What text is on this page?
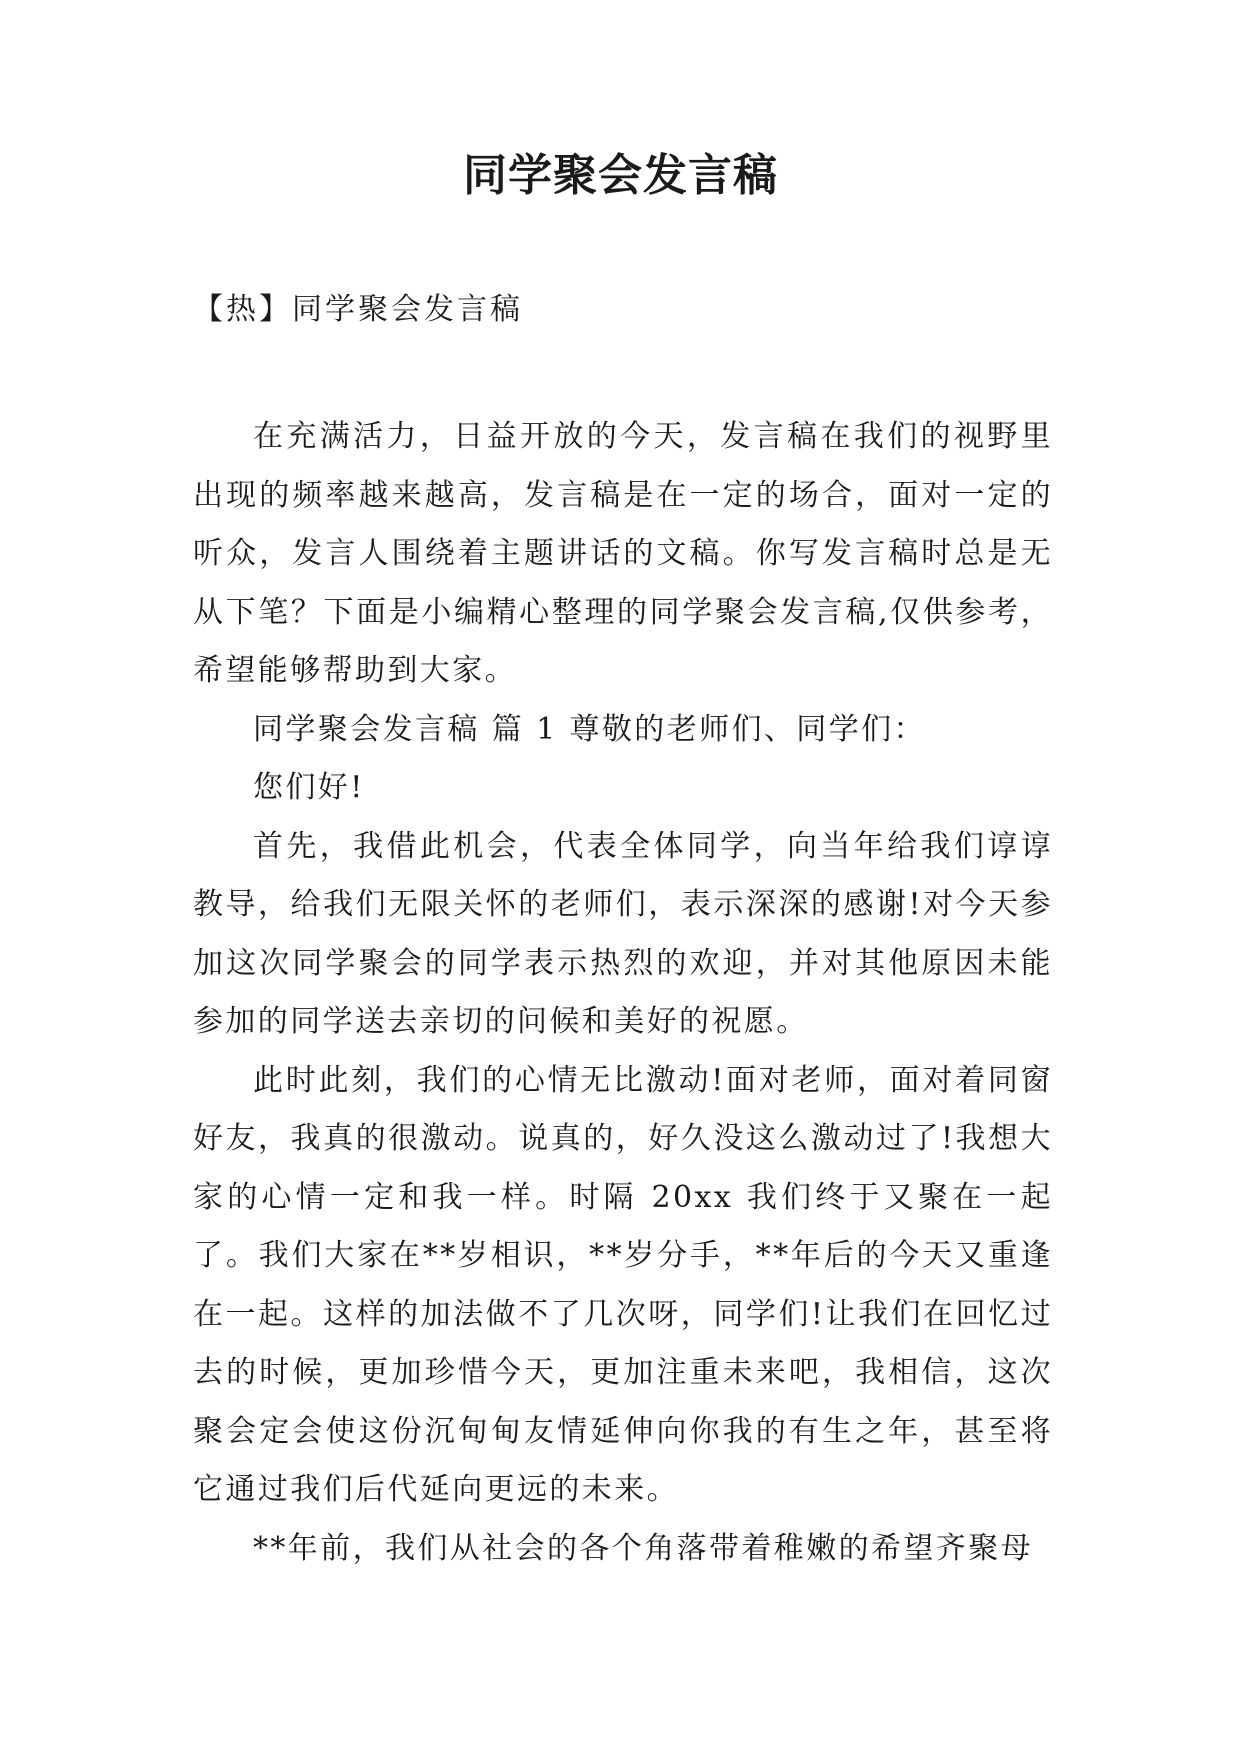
同学聚会发言稿

【热】同学聚会发言稿

在充满活力，日益开放的今天，发言稿在我们的视野里出现的频率越来越高，发言稿是在一定的场合，面对一定的听众，发言人围绕着主题讲话的文稿。你写发言稿时总是无从下笔？下面是小编精心整理的同学聚会发言稿,仅供参考，希望能够帮助到大家。

同学聚会发言稿 篇 1 尊敬的老师们、同学们：

您们好!

首先，我借此机会，代表全体同学，向当年给我们谆谆教导，给我们无限关怀的老师们，表示深深的感谢!对今天参加这次同学聚会的同学表示热烈的欢迎，并对其他原因未能参加的同学送去亲切的问候和美好的祝愿。

此时此刻，我们的心情无比激动!面对老师，面对着同窗好友，我真的很激动。说真的，好久没这么激动过了!我想大家的心情一定和我一样。时隔 20xx 我们终于又聚在一起了。我们大家在**岁相识，**岁分手，**年后的今天又重逢在一起。这样的加法做不了几次呀，同学们!让我们在回忆过去的时候，更加珍惜今天，更加注重未来吧，我相信，这次聚会定会使这份沉甸甸友情延伸向你我的有生之年，甚至将它通过我们后代延向更远的未来。

**年前，我们从社会的各个角落带着稚嫩的希望齐聚母
